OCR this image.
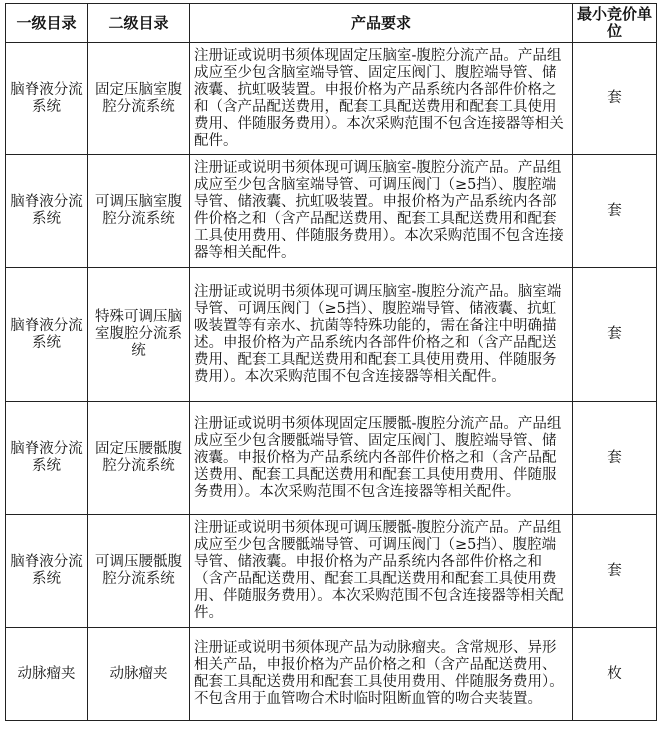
一级目录	二级目录	产品要求	最小竞价单位
脑脊液分流系统	固定压脑室腹腔分流系统	注册证或说明书须体现固定压脑室-腹腔分流产品。产品组成应至少包含脑室端导管、固定压阀门、腹腔端导管、储液囊、抗虹吸装置。申报价格为产品系统内各部件价格之和（含产品配送费用，配套工具配送费用和配套工具使用费用、伴随服务费用）。本次采购范围不包含连接器等相关配件。	套
脑脊液分流系统	可调压脑室腹腔分流系统	注册证或说明书须体现可调压脑室-腹腔分流产品。产品组成应至少包含脑室端导管、可调压阀门（≥5挡）、腹腔端导管、储液囊、抗虹吸装置。申报价格为产品系统内各部件价格之和（含产品配送费用、配套工具配送费用和配套工具使用费用、伴随服务费用）。本次采购范围不包含连接器等相关配件。	套
脑脊液分流系统	特殊可调压脑室腹腔分流系统	注册证或说明书须体现可调压脑室-腹腔分流产品。脑室端导管、可调压阀门（≥5挡）、腹腔端导管、储液囊、抗虹吸装置等有亲水、抗菌等特殊功能的，需在备注中明确描述。申报价格为产品系统内各部件价格之和（含产品配送费用、配套工具配送费用和配套工具使用费用、伴随服务费用）。本次采购范围不包含连接器等相关配件。	套
脑脊液分流系统	固定压腰骶腹腔分流系统	注册证或说明书须体现固定压腰骶-腹腔分流产品。产品组成应至少包含腰骶端导管、固定压阀门、腹腔端导管、储液囊。申报价格为产品系统内各部件价格之和（含产品配送费用、配套工具配送费用和配套工具使用费用、伴随服务费用）。本次采购范围不包含连接器等相关配件。	套
脑脊液分流系统	可调压腰骶腹腔分流系统	注册证或说明书须体现可调压腰骶-腹腔分流产品。产品组成应至少包含腰骶端导管、可调压阀门（≥5挡）、腹腔端导管、储液囊。申报价格为产品系统内各部件价格之和（含产品配送费用、配套工具配送费用和配套工具使用费用、伴随服务费用）。本次采购范围不包含连接器等相关配件。	套
动脉瘤夹	动脉瘤夹	注册证或说明书须体现产品为动脉瘤夹。含常规形、异形相关产品，申报价格为产品价格之和（含产品配送费用、配套工具配送费用和配套工具使用费用、伴随服务费用）。不包含用于血管吻合术时临时阻断血管的吻合夹装置。	枚
